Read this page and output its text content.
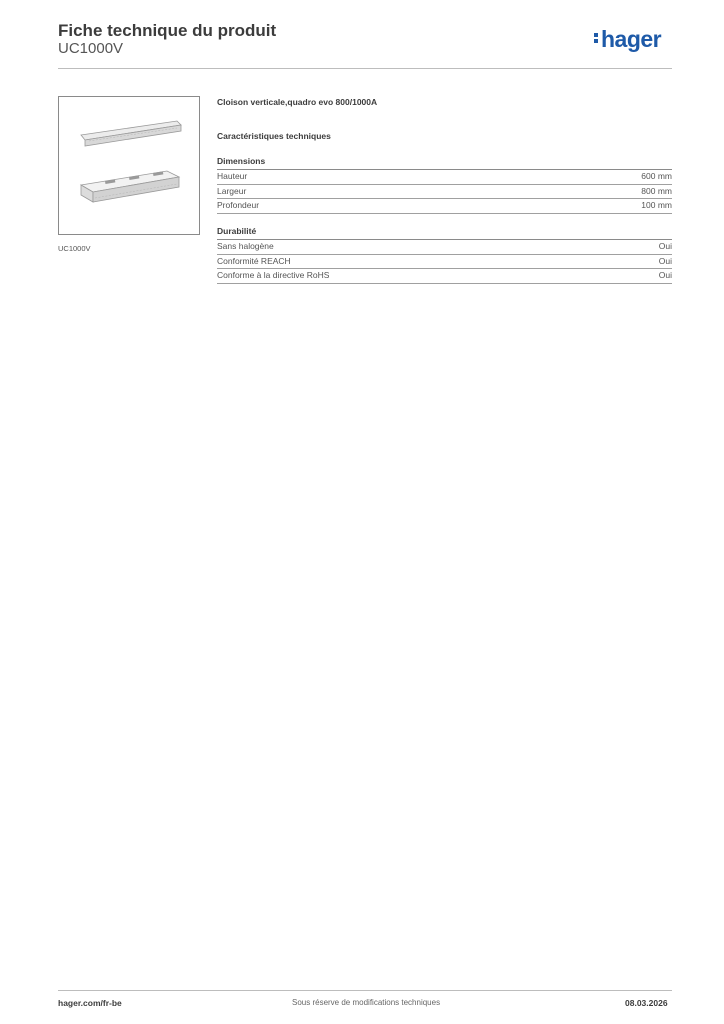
Fiche technique du produit
UC1000V	hager
UC1000V
Cloison verticale,quadro evo 800/1000A
Caractéristiques techniques
Dimensions
Hauteur	600 mm
Largeur	800 mm
Profondeur	100 mm
Durabilité
Sans halogène	Oui
Conformité REACH	Oui
Conforme à la directive RoHS	Oui
hager.com/fr-be	Sous réserve de modifications techniques	08.03.2026
